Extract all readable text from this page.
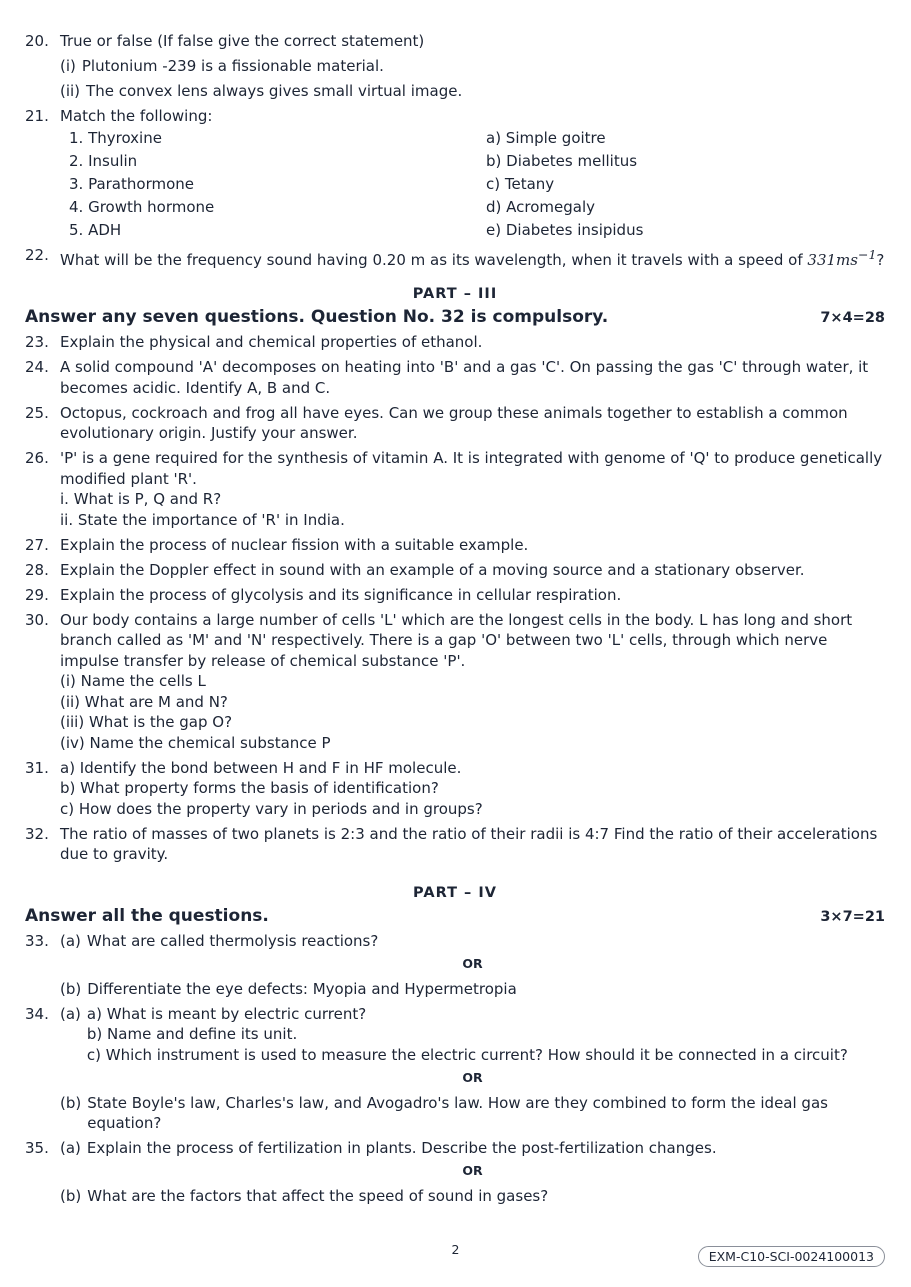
20. True or false (If false give the correct statement)
(i) Plutonium -239 is a fissionable material.
(ii) The convex lens always gives small virtual image.
21. Match the following:
1. Thyroxine	a) Simple goitre
2. Insulin	b) Diabetes mellitus
3. Parathormone	c) Tetany
4. Growth hormone	d) Acromegaly
5. ADH	e) Diabetes insipidus
22. What will be the frequency sound having 0.20 m as its wavelength, when it travels with a speed of $331ms^{-1}$?
PART – III
Answer any seven questions. Question No. 32 is compulsory.	7×4=28
23. Explain the physical and chemical properties of ethanol.
24. A solid compound 'A' decomposes on heating into 'B' and a gas 'C'. On passing the gas 'C' through water, it becomes acidic. Identify A, B and C.
25. Octopus, cockroach and frog all have eyes. Can we group these animals together to establish a common evolutionary origin. Justify your answer.
26. 'P' is a gene required for the synthesis of vitamin A. It is integrated with genome of 'Q' to produce genetically modified plant 'R'.
i. What is P, Q and R?
ii. State the importance of 'R' in India.
27. Explain the process of nuclear fission with a suitable example.
28. Explain the Doppler effect in sound with an example of a moving source and a stationary observer.
29. Explain the process of glycolysis and its significance in cellular respiration.
30. Our body contains a large number of cells 'L' which are the longest cells in the body. L has long and short branch called as 'M' and 'N' respectively. There is a gap 'O' between two 'L' cells, through which nerve impulse transfer by release of chemical substance 'P'.
(i) Name the cells L
(ii) What are M and N?
(iii) What is the gap O?
(iv) Name the chemical substance P
31. a) Identify the bond between H and F in HF molecule.
b) What property forms the basis of identification?
c) How does the property vary in periods and in groups?
32. The ratio of masses of two planets is 2:3 and the ratio of their radii is 4:7 Find the ratio of their accelerations due to gravity.
PART – IV
Answer all the questions.	3×7=21
33. (a) What are called thermolysis reactions?
OR
(b) Differentiate the eye defects: Myopia and Hypermetropia
34. (a) a) What is meant by electric current?
b) Name and define its unit.
c) Which instrument is used to measure the electric current? How should it be connected in a circuit?
OR
(b) State Boyle's law, Charles's law, and Avogadro's law. How are they combined to form the ideal gas equation?
35. (a) Explain the process of fertilization in plants. Describe the post-fertilization changes.
OR
(b) What are the factors that affect the speed of sound in gases?
2	EXM-C10-SCI-0024100013
